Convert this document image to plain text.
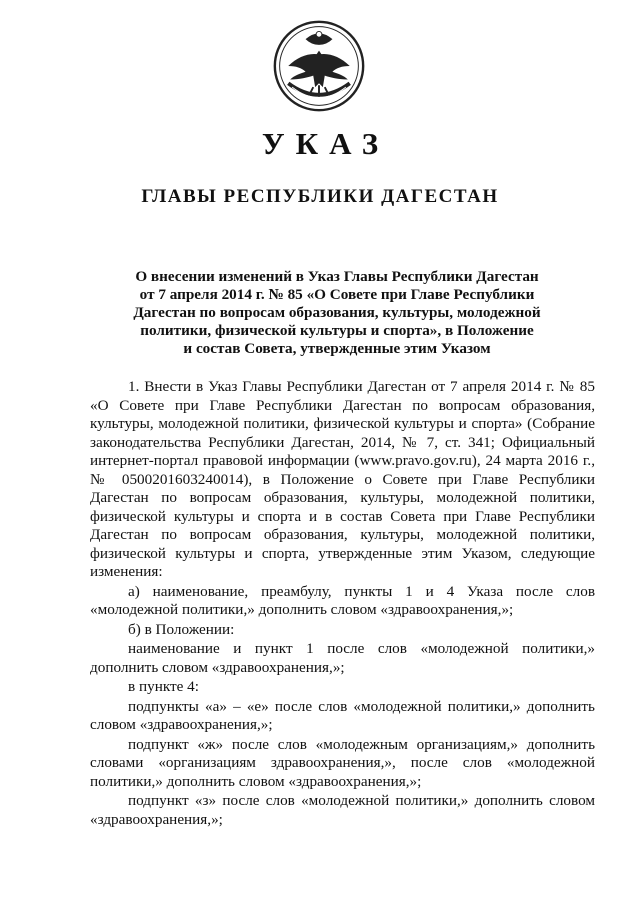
УКАЗ
ГЛАВЫ РЕСПУБЛИКИ ДАГЕСТАН
О внесении изменений в Указ Главы Республики Дагестан
от 7 апреля 2014 г. № 85 «О Совете при Главе Республики
Дагестан по вопросам образования, культуры, молодежной
политики, физической культуры и спорта», в Положение
и состав Совета, утвержденные этим Указом

1. Внести в Указ Главы Республики Дагестан от 7 апреля 2014 г. № 85 «О Совете при Главе Республики Дагестан по вопросам образования, культуры, молодежной политики, физической культуры и спорта» (Собрание законодательства Республики Дагестан, 2014, № 7, ст. 341; Официальный интернет-портал правовой информации (www.pravo.gov.ru), 24 марта 2016 г., № 0500201603240014), в Положение о Совете при Главе Республики Дагестан по вопросам образования, культуры, молодежной политики, физической культуры и спорта и в состав Совета при Главе Республики Дагестан по вопросам образования, культуры, молодежной политики, физической культуры и спорта, утвержденные этим Указом, следующие изменения:

а) наименование, преамбулу, пункты 1 и 4 Указа после слов «молодежной политики,» дополнить словом «здравоохранения,»;

б) в Положении:

наименование и пункт 1 после слов «молодежной политики,» дополнить словом «здравоохранения,»;

в пункте 4:

подпункты «а» – «е» после слов «молодежной политики,» дополнить словом «здравоохранения,»;

подпункт «ж» после слов «молодежным организациям,» дополнить словами «организациям здравоохранения,», после слов «молодежной политики,» дополнить словом «здравоохранения,»;

подпункт «з» после слов «молодежной политики,» дополнить словом «здравоохранения,»;
